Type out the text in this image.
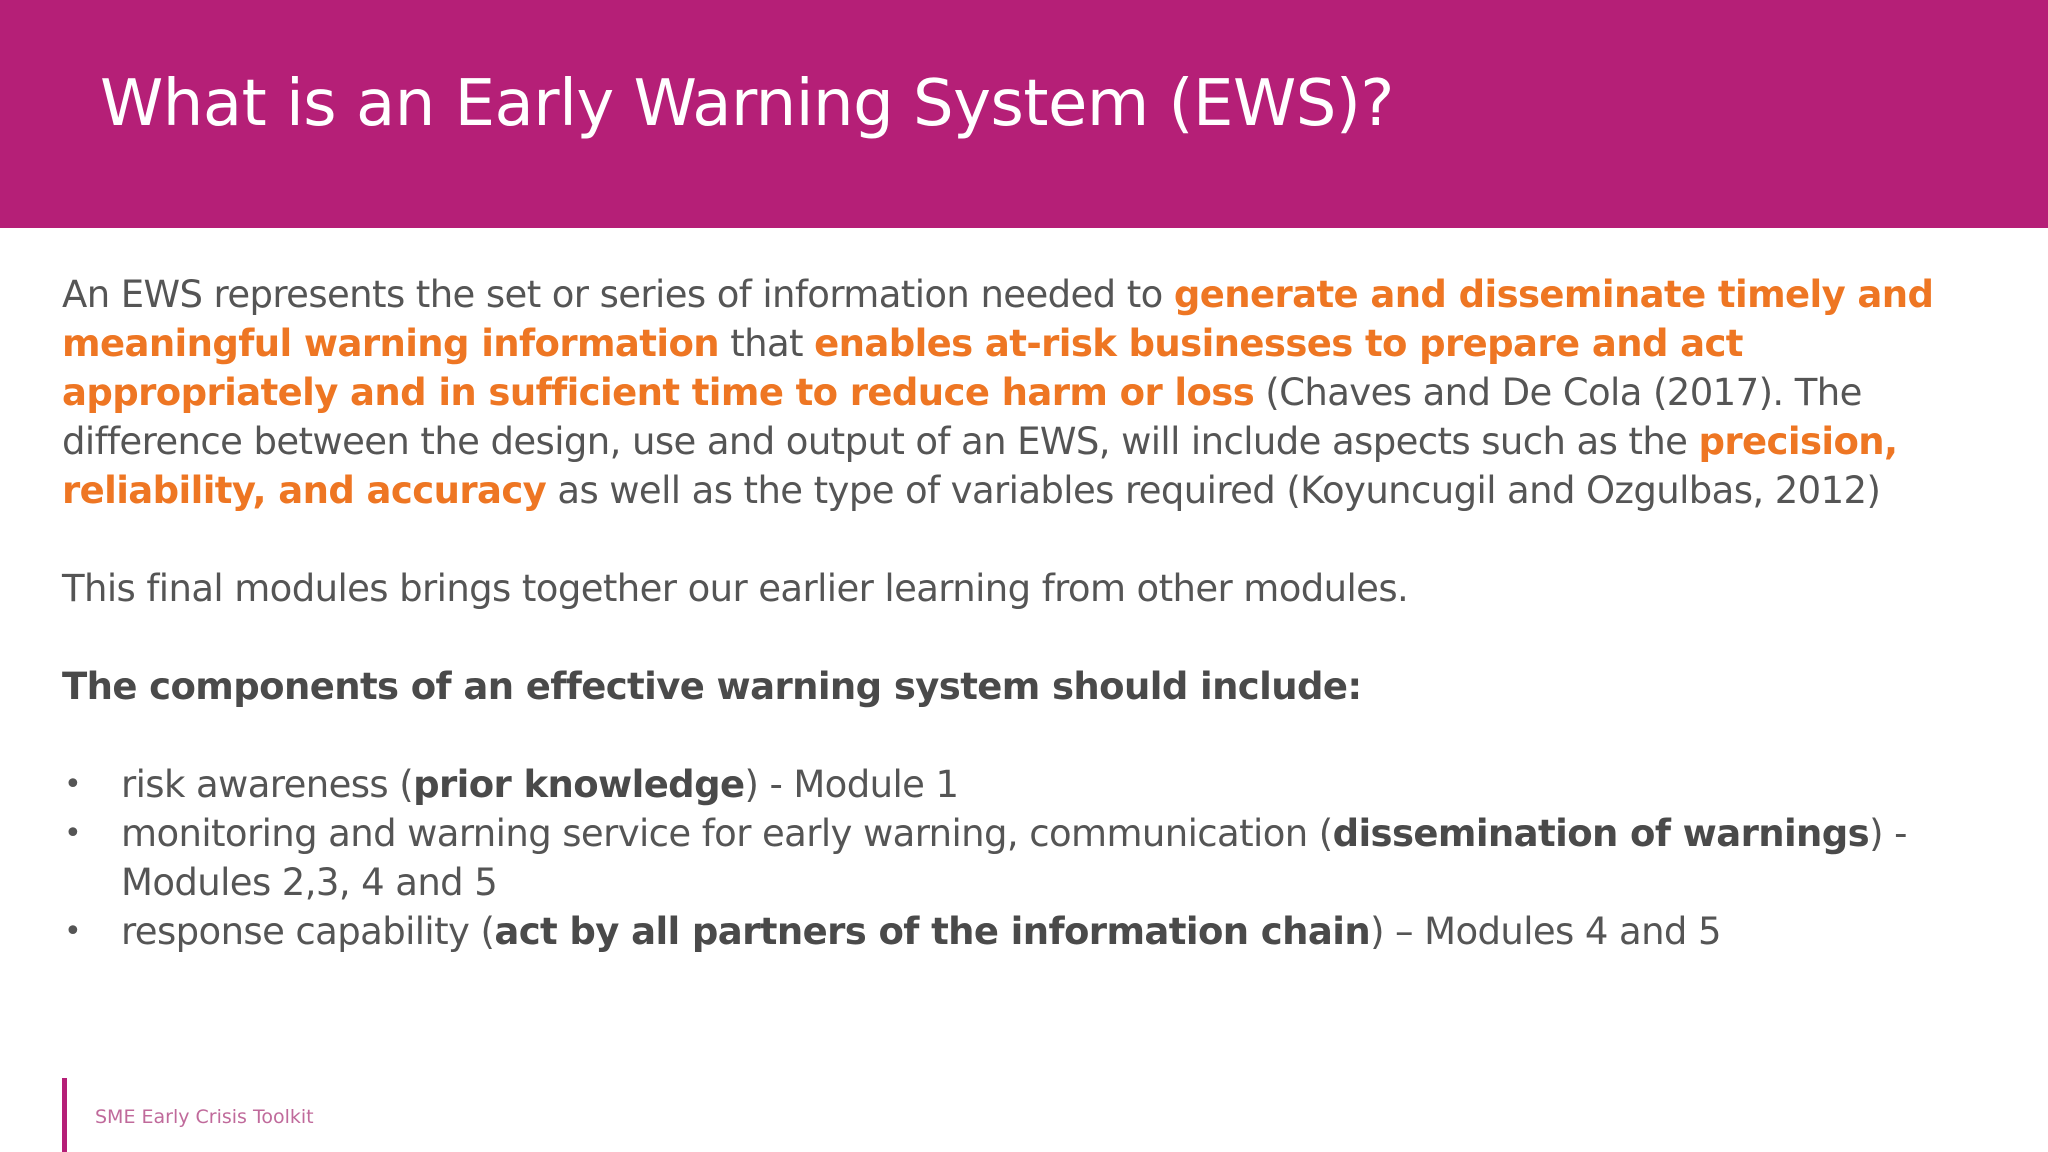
What is an Early Warning System (EWS)?

An EWS represents the set or series of information needed to generate and disseminate timely and meaningful warning information that enables at-risk businesses to prepare and act appropriately and in sufficient time to reduce harm or loss (Chaves and De Cola (2017). The difference between the design, use and output of an EWS, will include aspects such as the precision, reliability, and accuracy as well as the type of variables required (Koyuncugil and Ozgulbas, 2012)

This final modules brings together our earlier learning from other modules.

The components of an effective warning system should include:

• risk awareness (prior knowledge) - Module 1
• monitoring and warning service for early warning, communication (dissemination of warnings) - Modules 2,3, 4 and 5
• response capability (act by all partners of the information chain) – Modules 4 and 5
SME Early Crisis Toolkit
